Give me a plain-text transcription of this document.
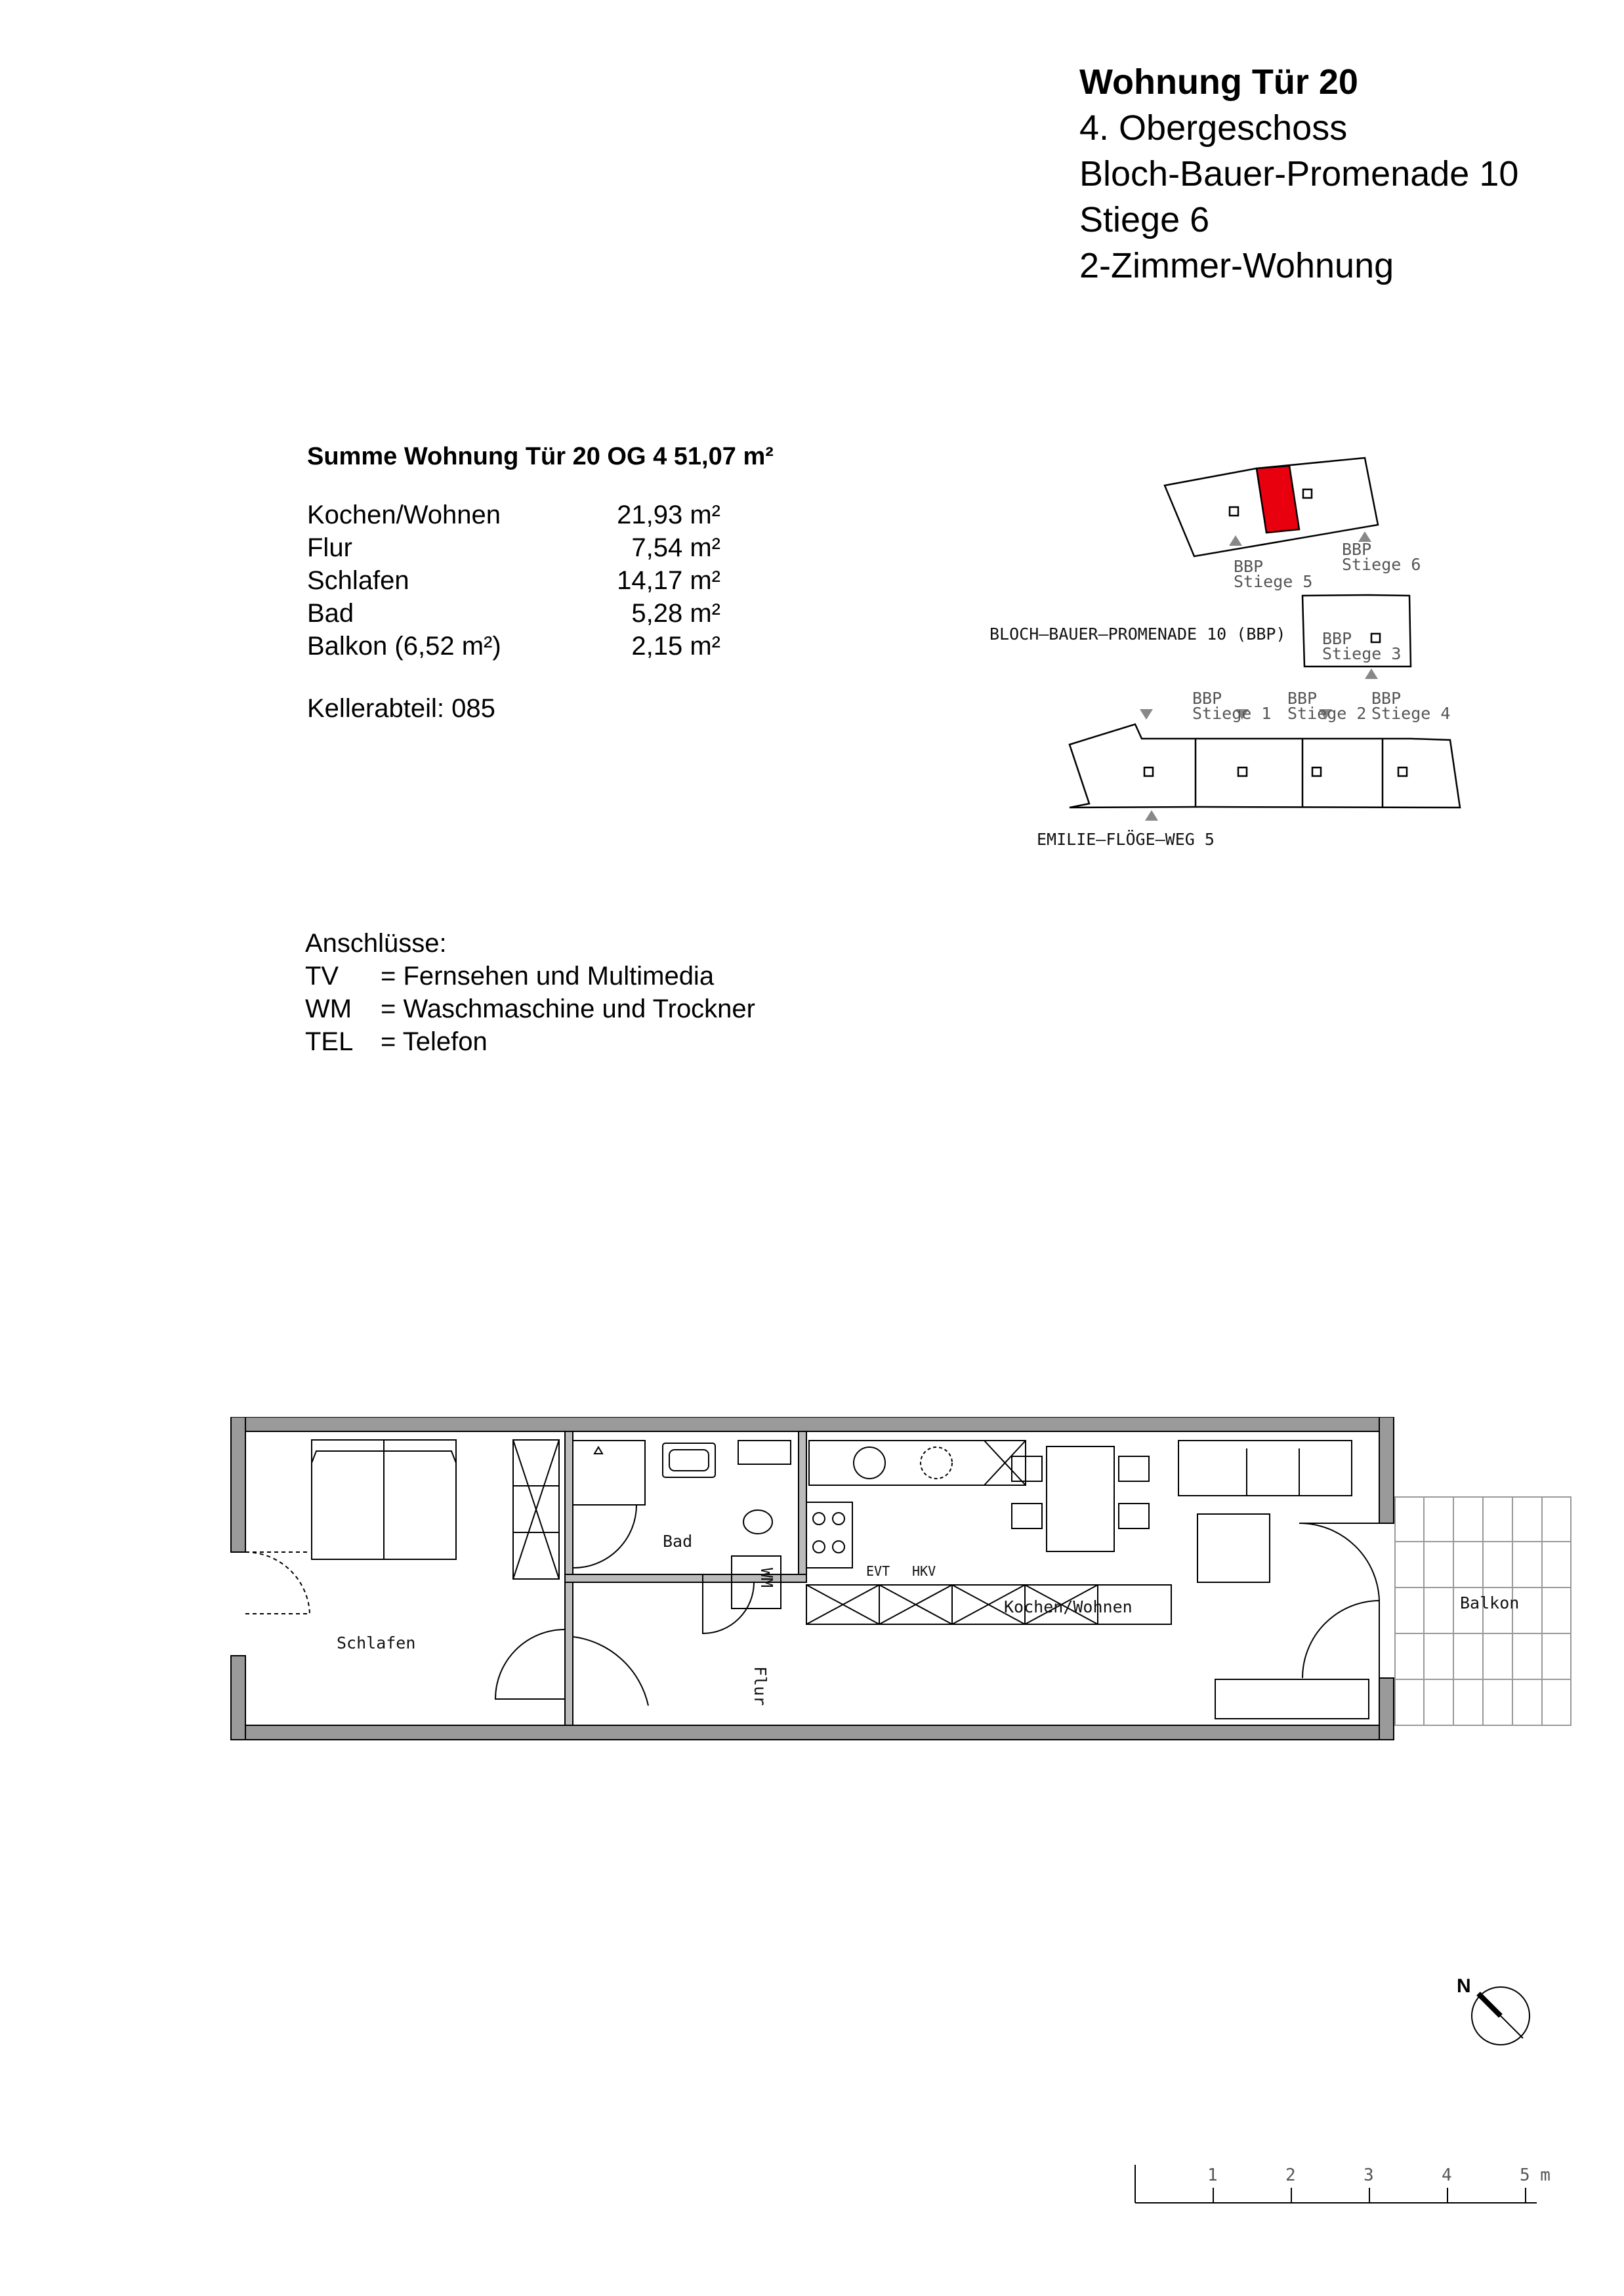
Wohnung Tür 20
4. Obergeschoss
Bloch-Bauer-Promenade 10
Stiege 6
2-Zimmer-Wohnung
Summe Wohnung Tür 20 OG 4 51,07 m²
Kochen/Wohnen	21,93 m²
Flur	7,54 m²
Schlafen	14,17 m²
Bad	5,28 m²
Balkon (6,52 m²)	2,15 m²
Kellerabteil: 085
Anschlüsse:
TV = Fernsehen und Multimedia
WM = Waschmaschine und Trockner
TEL = Telefon
BBP
Stiege 5
BBP
Stiege 6
BBP
Stiege 3
BBP
Stiege 1
BBP
Stiege 2
BBP
Stiege 4
BLOCH–BAUER–PROMENADE 10 (BBP)
EMILIE–FLÖGE–WEG 5
Schlafen
Bad
Flur
Kochen/Wohnen	Balkon
WM	EVT HKV
N
1	2	3	4	5 m
